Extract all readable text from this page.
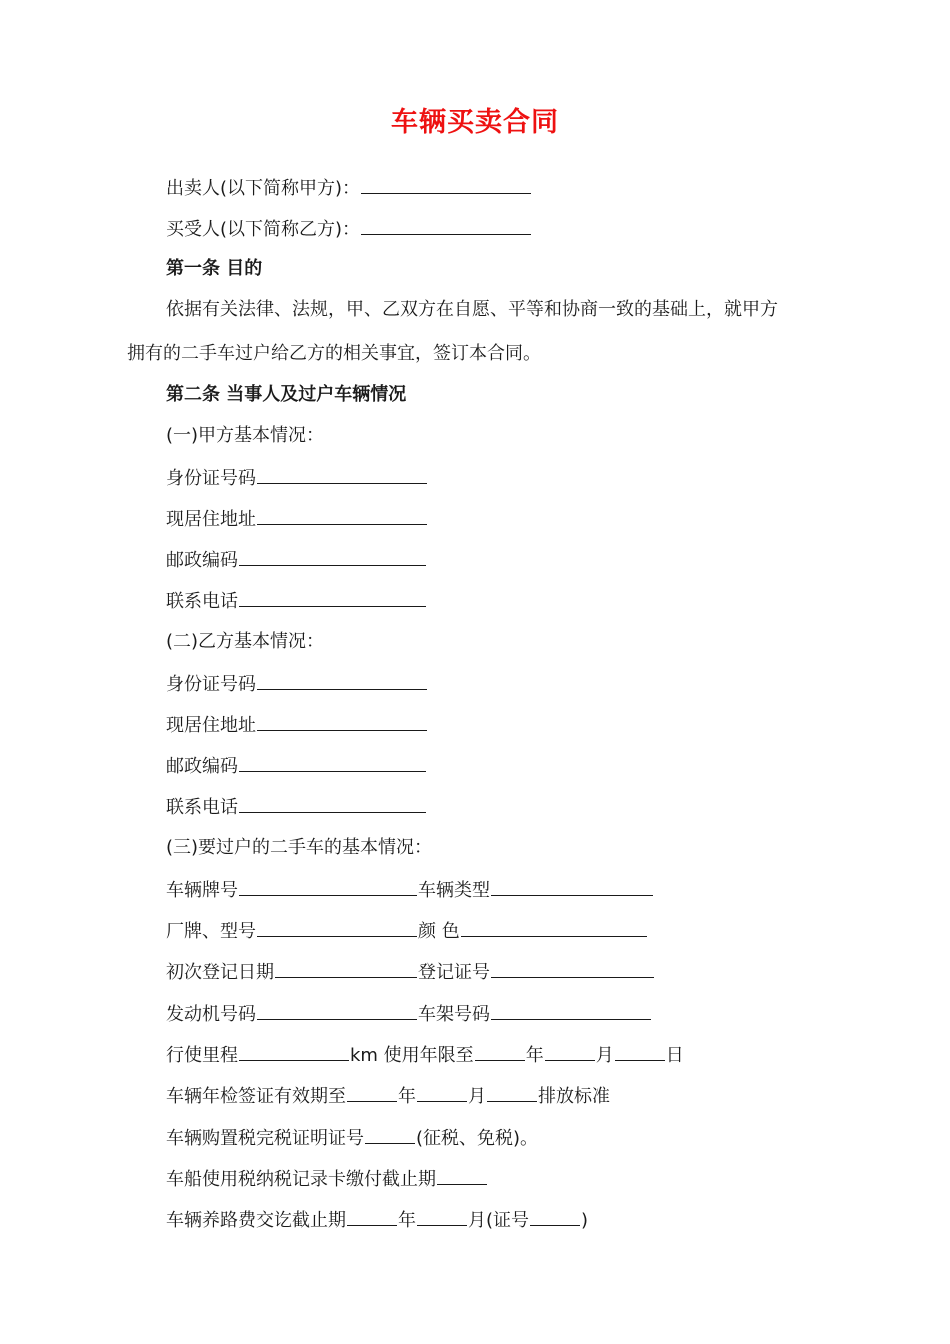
车辆买卖合同
出卖人(以下简称甲方)：
买受人(以下简称乙方)：
第一条 目的
依据有关法律、法规，甲、乙双方在自愿、平等和协商一致的基础上，就甲方
拥有的二手车过户给乙方的相关事宜，签订本合同。
第二条 当事人及过户车辆情况
(一)甲方基本情况：
身份证号码
现居住地址
邮政编码
联系电话
(二)乙方基本情况：
身份证号码
现居住地址
邮政编码
联系电话
(三)要过户的二手车的基本情况：
车辆牌号	车辆类型
厂牌、型号	颜 色
初次登记日期	登记证号
发动机号码	车架号码
行使里程	km 使用年限至	年	月	日
车辆年检签证有效期至	年	月	排放标准
车辆购置税完税证明证号	(征税、免税)。
车船使用税纳税记录卡缴付截止期
车辆养路费交讫截止期	年	月(证号	)
